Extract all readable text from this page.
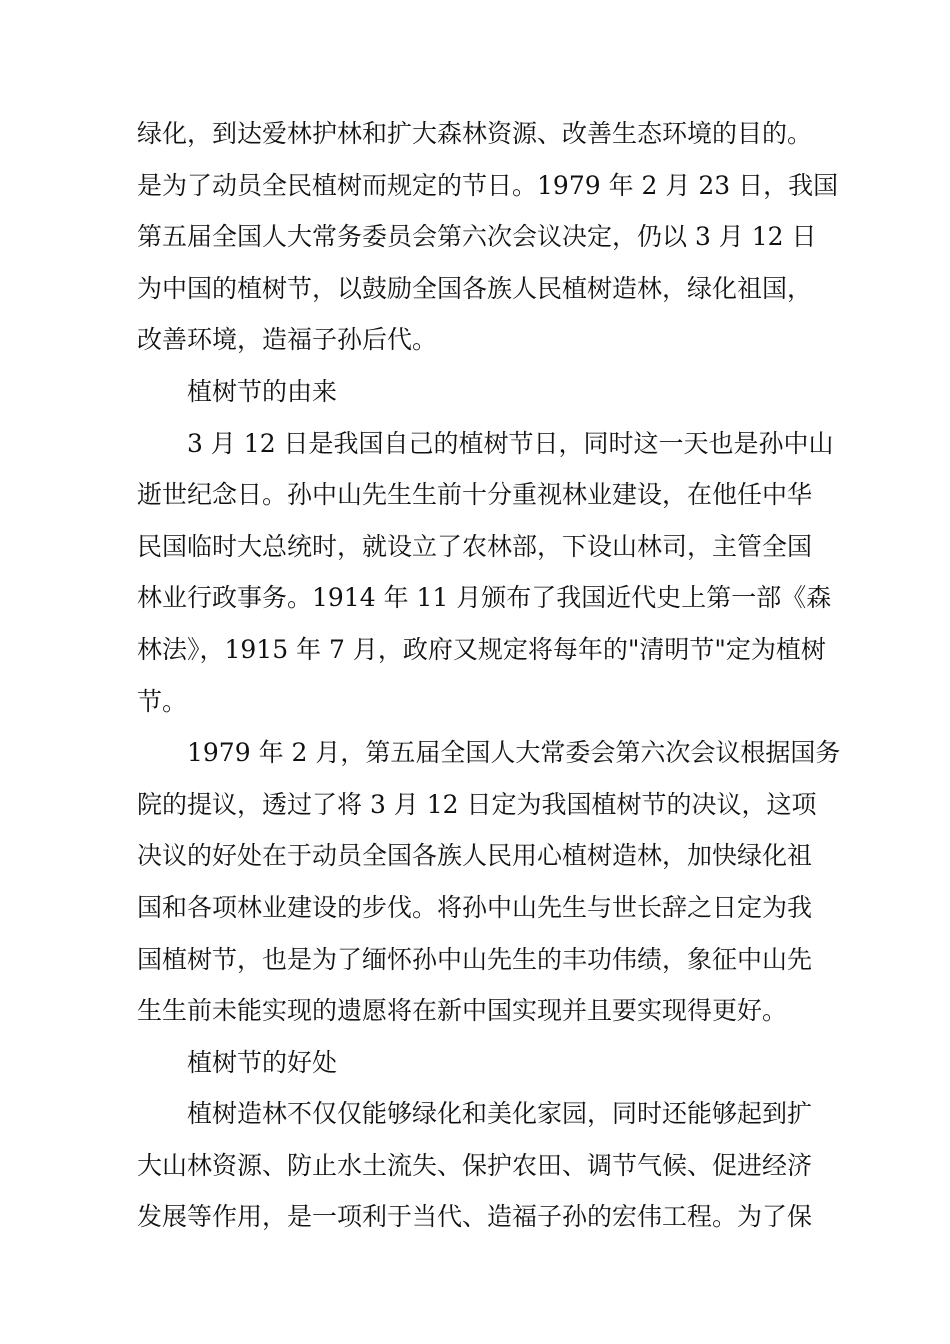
绿化，到达爱林护林和扩大森林资源、改善生态环境的目的。
是为了动员全民植树而规定的节日。1979 年 2 月 23 日，我国
第五届全国人大常务委员会第六次会议决定，仍以 3 月 12 日
为中国的植树节，以鼓励全国各族人民植树造林，绿化祖国，
改善环境，造福子孙后代。
植树节的由来
3 月 12 日是我国自己的植树节日，同时这一天也是孙中山
逝世纪念日。孙中山先生生前十分重视林业建设，在他任中华
民国临时大总统时，就设立了农林部，下设山林司，主管全国
林业行政事务。1914 年 11 月颁布了我国近代史上第一部《森
林法》，1915 年 7 月，政府又规定将每年的"清明节"定为植树
节。
1979 年 2 月，第五届全国人大常委会第六次会议根据国务
院的提议，透过了将 3 月 12 日定为我国植树节的决议，这项
决议的好处在于动员全国各族人民用心植树造林，加快绿化祖
国和各项林业建设的步伐。将孙中山先生与世长辞之日定为我
国植树节，也是为了缅怀孙中山先生的丰功伟绩，象征中山先
生生前未能实现的遗愿将在新中国实现并且要实现得更好。
植树节的好处
植树造林不仅仅能够绿化和美化家园，同时还能够起到扩
大山林资源、防止水土流失、保护农田、调节气候、促进经济
发展等作用，是一项利于当代、造福子孙的宏伟工程。为了保
